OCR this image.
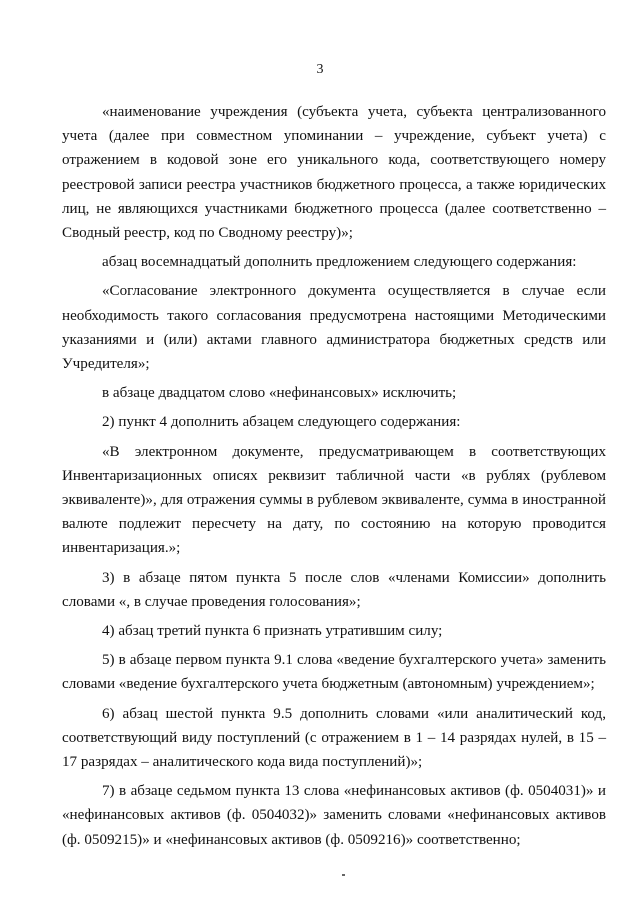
3

«наименование учреждения (субъекта учета, субъекта централизованного учета (далее при совместном упоминании – учреждение, субъект учета) с отражением в кодовой зоне его уникального кода, соответствующего номеру реестровой записи реестра участников бюджетного процесса, а также юридических лиц, не являющихся участниками бюджетного процесса (далее соответственно – Сводный реестр, код по Сводному реестру)»;

абзац восемнадцатый дополнить предложением следующего содержания:

«Согласование электронного документа осуществляется в случае если необходимость такого согласования предусмотрена настоящими Методическими указаниями и (или) актами главного администратора бюджетных средств или Учредителя»;

в абзаце двадцатом слово «нефинансовых» исключить;

2) пункт 4 дополнить абзацем следующего содержания:

«В электронном документе, предусматривающем в соответствующих Инвентаризационных описях реквизит табличной части «в рублях (рублевом эквиваленте)», для отражения суммы в рублевом эквиваленте, сумма в иностранной валюте подлежит пересчету на дату, по состоянию на которую проводится инвентаризация.»;

3) в абзаце пятом пункта 5 после слов «членами Комиссии» дополнить словами «, в случае проведения голосования»;

4) абзац третий пункта 6 признать утратившим силу;

5) в абзаце первом пункта 9.1 слова «ведение бухгалтерского учета» заменить словами «ведение бухгалтерского учета бюджетным (автономным) учреждением»;

6) абзац шестой пункта 9.5 дополнить словами «или аналитический код, соответствующий виду поступлений (с отражением в 1 – 14 разрядах нулей, в 15 – 17 разрядах – аналитического кода вида поступлений)»;

7) в абзаце седьмом пункта 13 слова «нефинансовых активов (ф. 0504031)» и «нефинансовых активов (ф. 0504032)» заменить словами «нефинансовых активов (ф. 0509215)» и «нефинансовых активов (ф. 0509216)» соответственно;
